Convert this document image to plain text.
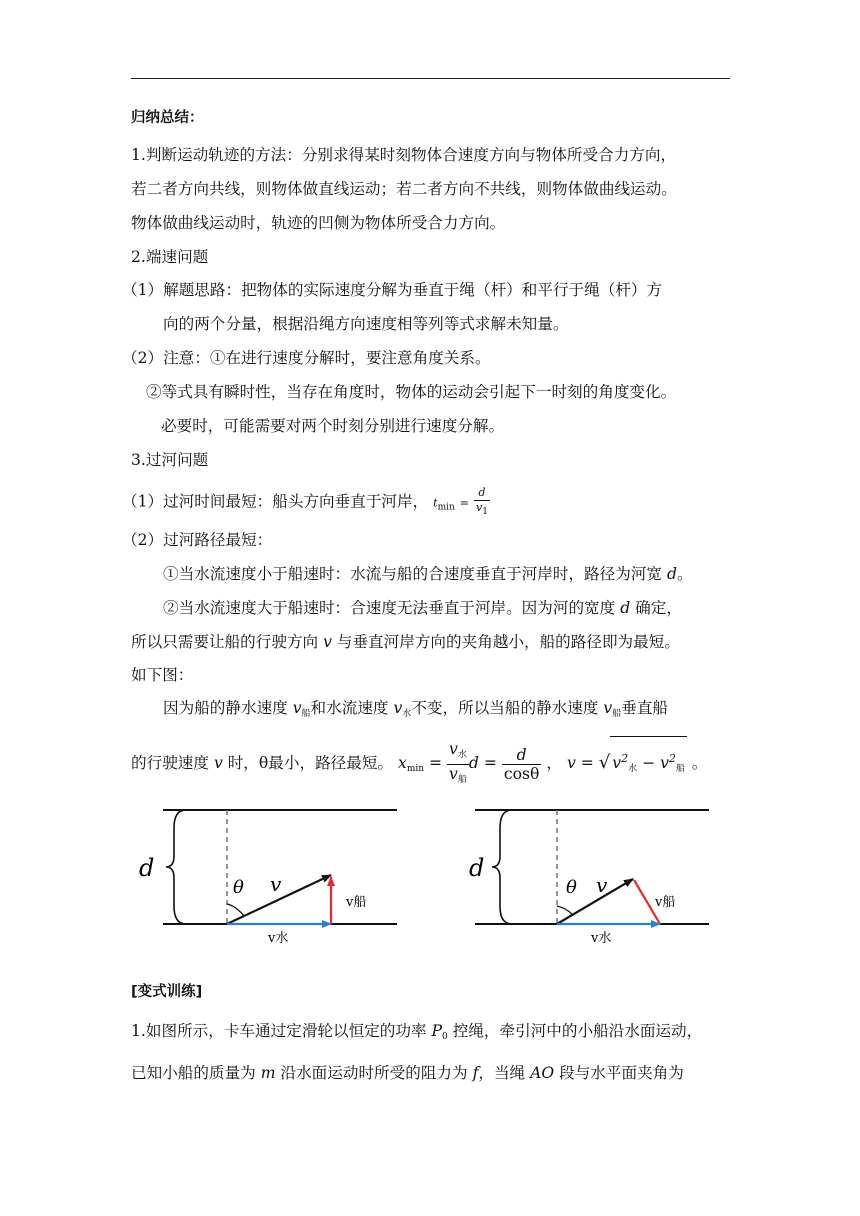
归纳总结：
1.判断运动轨迹的方法：分别求得某时刻物体合速度方向与物体所受合力方向，
若二者方向共线，则物体做直线运动；若二者方向不共线，则物体做曲线运动。
物体做曲线运动时，轨迹的凹侧为物体所受合力方向。
2.端速问题
（1）解题思路：把物体的实际速度分解为垂直于绳（杆）和平行于绳（杆）方
向的两个分量，根据沿绳方向速度相等列等式求解未知量。
（2）注意：①在进行速度分解时，要注意角度关系。
②等式具有瞬时性，当存在角度时，物体的运动会引起下一时刻的角度变化。
必要时，可能需要对两个时刻分别进行速度分解。
3.过河问题
（1）过河时间最短：船头方向垂直于河岸， $t_{min} = \frac{d}{v_1}$
（2）过河路径最短：
①当水流速度小于船速时：水流与船的合速度垂直于河岸时，路径为河宽 d。
②当水流速度大于船速时：合速度无法垂直于河岸。因为河的宽度 d 确定，
所以只需要让船的行驶方向 v 与垂直河岸方向的夹角越小，船的路径即为最短。
如下图：
因为船的静水速度 $v_船$和水流速度 $v_水$不变，所以当船的静水速度 $v_船$垂直船
的行驶速度 v 时，θ最小，路径最短。 $x_{min} = \frac{v_水}{v_船}$ $d = \frac{d}{\cos\theta}$ ， v = √ $v^2_水 - v^2_船$ 。
d
θ v
v船
v水
d
θ v
v船
v水
[变式训练]
1.如图所示，卡车通过定滑轮以恒定的功率 $P_0$ 控绳，牵引河中的小船沿水面运动，
已知小船的质量为 m 沿水面运动时所受的阻力为 f，当绳 AO 段与水平面夹角为
